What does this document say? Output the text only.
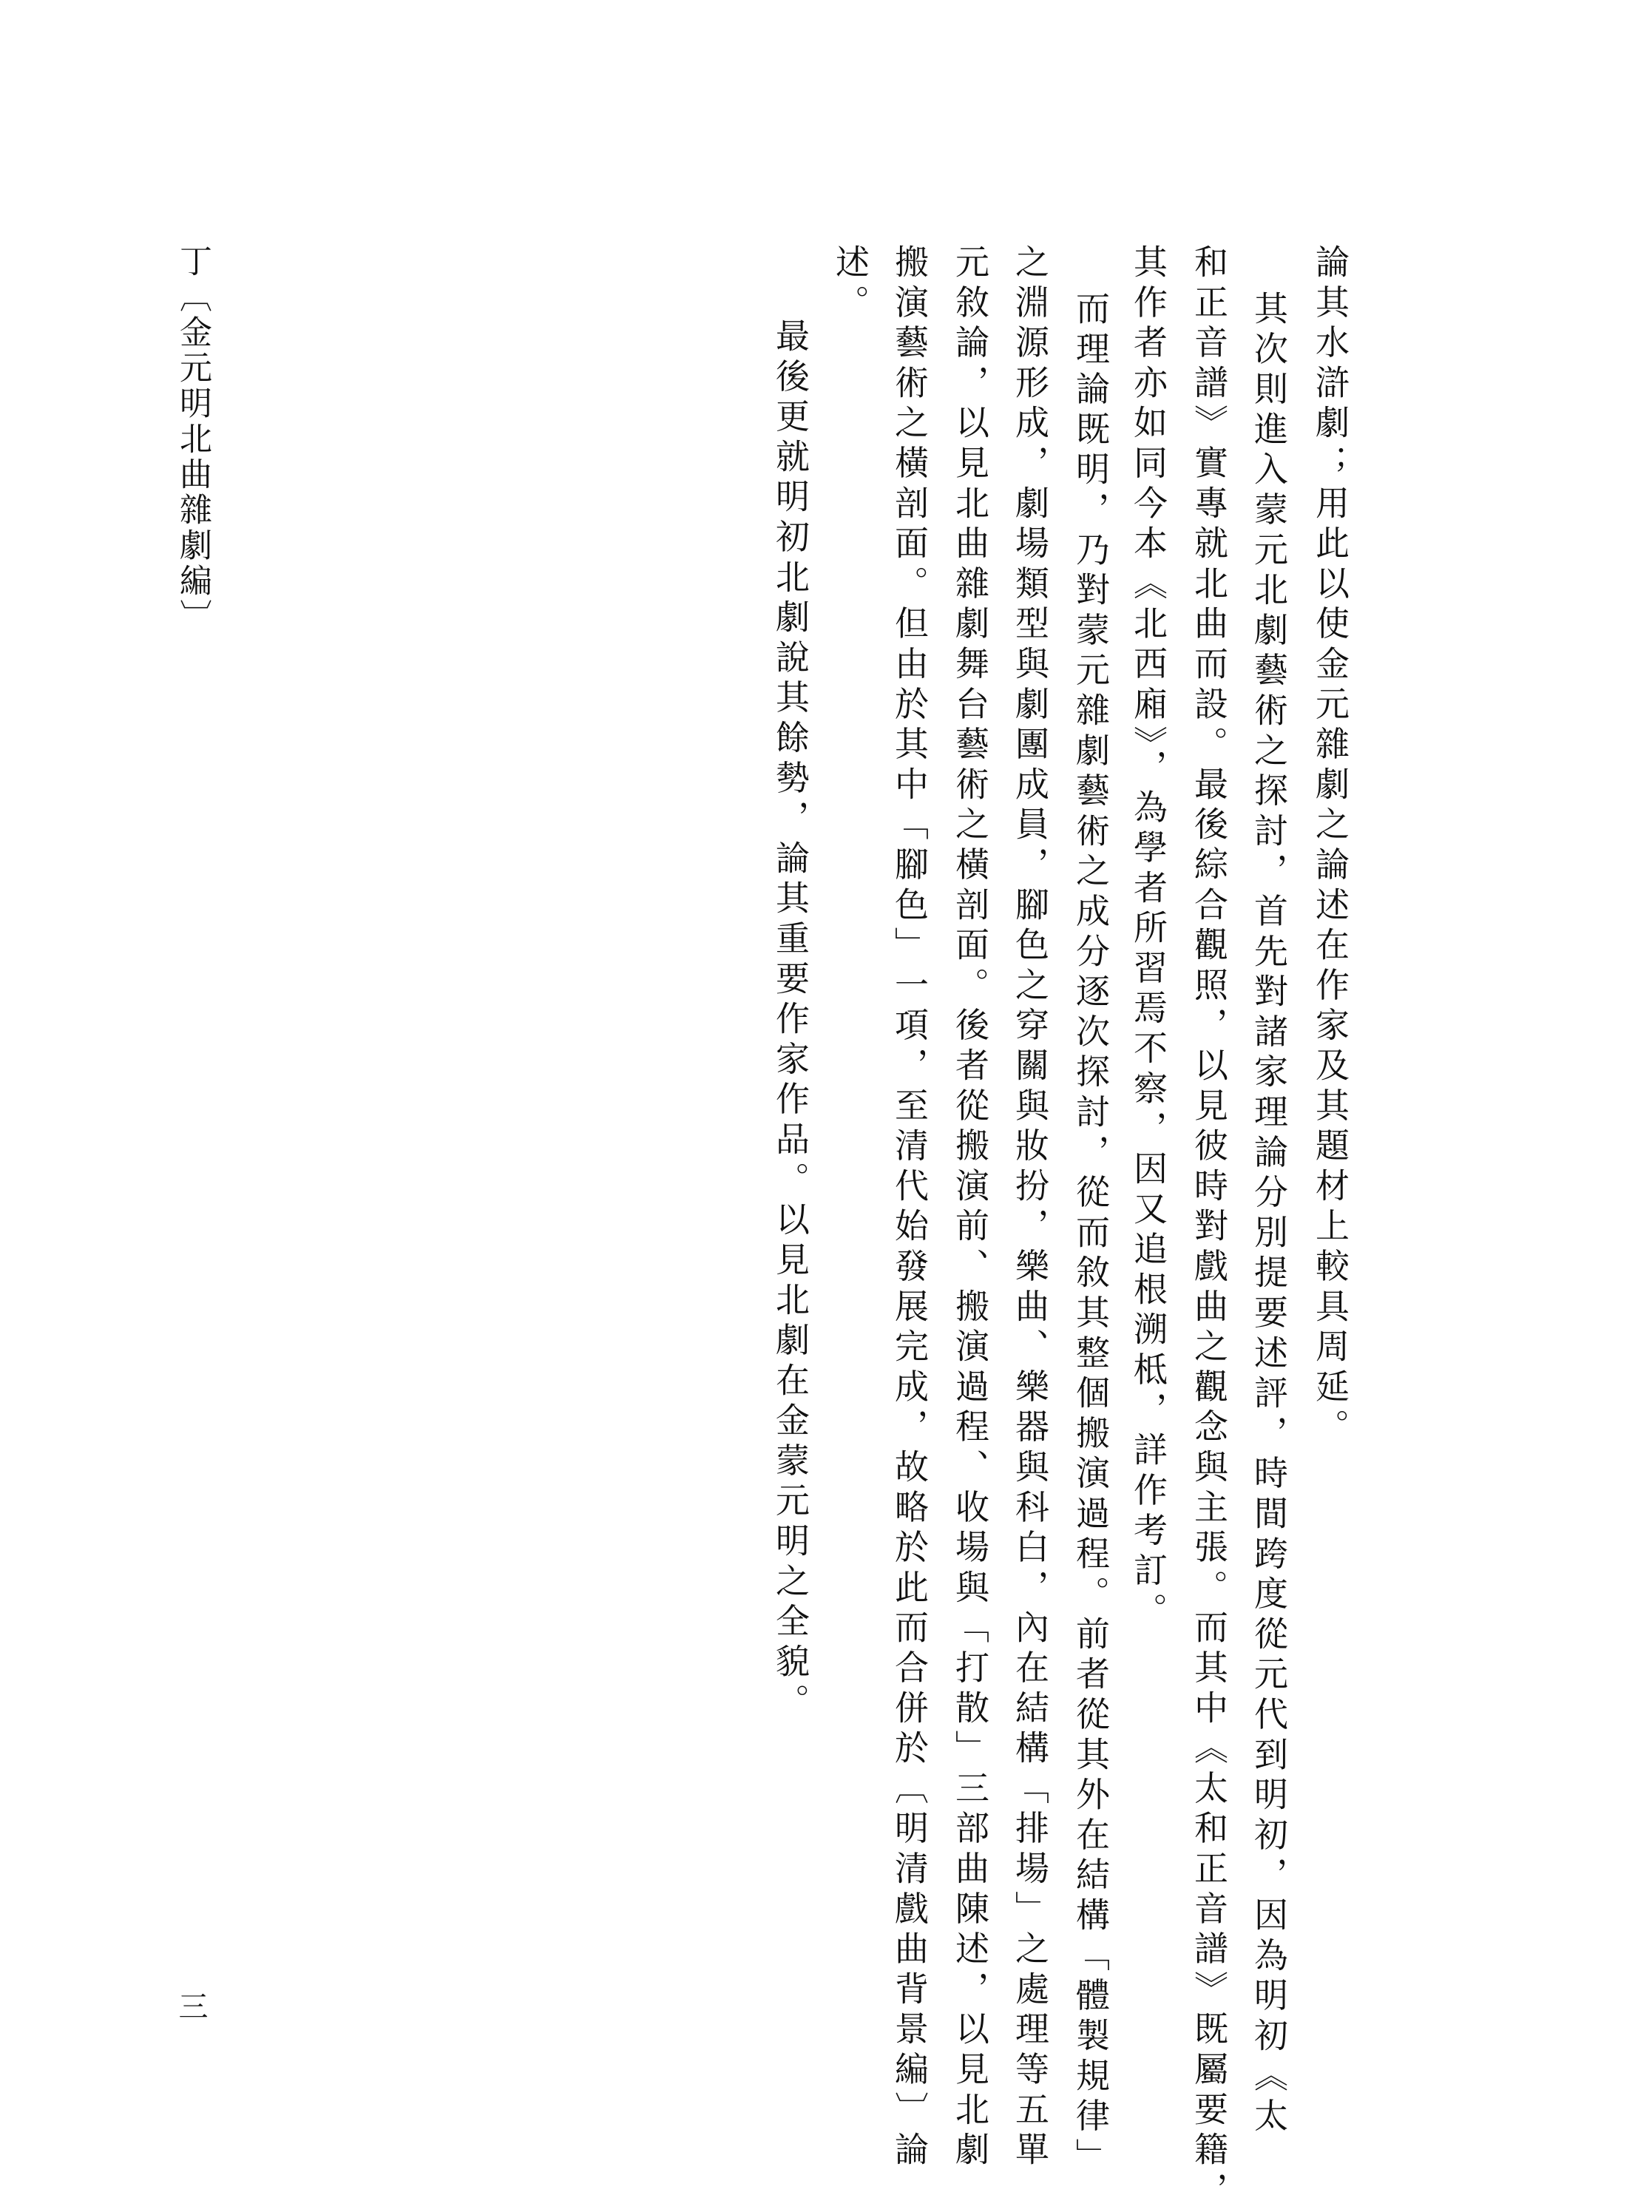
論其水滸劇；用此以使金元雜劇之論述在作家及其題材上較具周延。

其次則進入蒙元北劇藝術之探討，首先對諸家理論分別提要述評，時間跨度從元代到明初，因為明初《太

和正音譜》實專就北曲而設。最後綜合觀照，以見彼時對戲曲之觀念與主張。而其中《太和正音譜》既屬要籍，

其作者亦如同今本《北西廂》，為學者所習焉不察，因又追根溯柢，詳作考訂。

而理論既明，乃對蒙元雜劇藝術之成分逐次探討，從而敘其整個搬演過程。前者從其外在結構「體製規律」

之淵源形成，劇場類型與劇團成員，腳色之穿關與妝扮，樂曲、樂器與科白，內在結構「排場」之處理等五單

元敘論，以見北曲雜劇舞台藝術之橫剖面。後者從搬演前、搬演過程、收場與「打散」三部曲陳述，以見北劇

搬演藝術之橫剖面。但由於其中「腳色」一項，至清代始發展完成，故略於此而合併於〔明清戲曲背景編〕論

述。

最後更就明初北劇說其餘勢，論其重要作家作品。以見北劇在金蒙元明之全貌。

丁〔金元明北曲雜劇編〕
三
